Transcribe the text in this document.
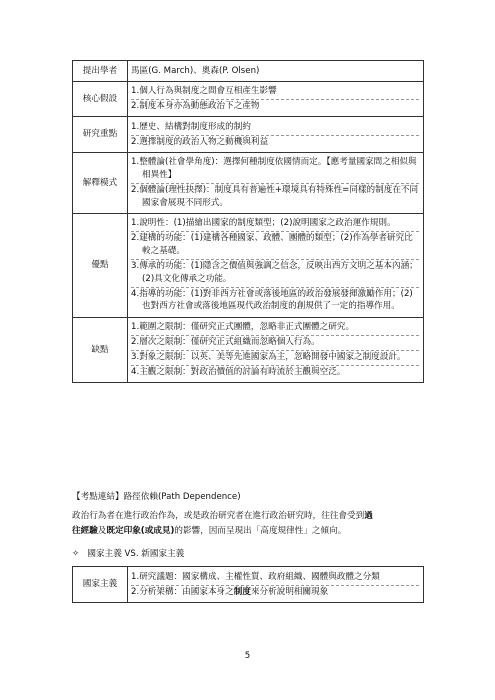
提出學者	馬區(G. March)、奧森(P. Olsen)

核心假設	1.個人行為與制度之間會互相產生影響
2.制度本身亦為動態政治下之產物

研究重點	1.歷史、結構對制度形成的制約
2.選擇制度的政治人物之動機與利益

解釋模式	1.整體論(社會學角度)：選擇何種制度依國情而定。【應考量國家間之相似與相異性】
2.個體論(理性抉擇)：制度具有普遍性+環境具有特殊性=同樣的制度在不同國家會展現不同形式。

優點	1.說明性：(1)描繪出國家的制度類型；(2)說明國家之政治運作規則。
2.建構的功能：(1)建構各種國家、政體、團體的類型；(2)作為學者研究比較之基礎。
3.傳承的功能：(1)隱含之價值與強調之信念，反映出西方文明之基本內涵；(2)具文化傳承之功能。
4.指導的功能：(1)對非西方社會或落後地區的政治發展發揮激勵作用；(2)也對西方社會或落後地區現代政治制度的創規供了一定的指導作用。

缺點	1.範圍之限制：僅研究正式團體，忽略非正式團體之研究。
2.層次之限制：僅研究正式組織而忽略個人行為。
3.對象之限制：以英、美等先進國家為主，忽略開發中國家之制度設計。
4.主觀之限制：對政治價值的討論有時流於主觀與空泛。
【考點連結】路徑依賴(Path Dependence)
政治行為者在進行政治作為，或是政治研究者在進行政治研究時，往往會受到過
往經驗及既定印象(或成見)的影響，因而呈現出「高度規律性」之傾向。
✧ 國家主義 VS. 新國家主義
國家主義	
1.研究議題：國家構成、主權性質、政府組織、國體與政體之分類
2.分析架構：由國家本身之制度來分析說明相關現象
5
